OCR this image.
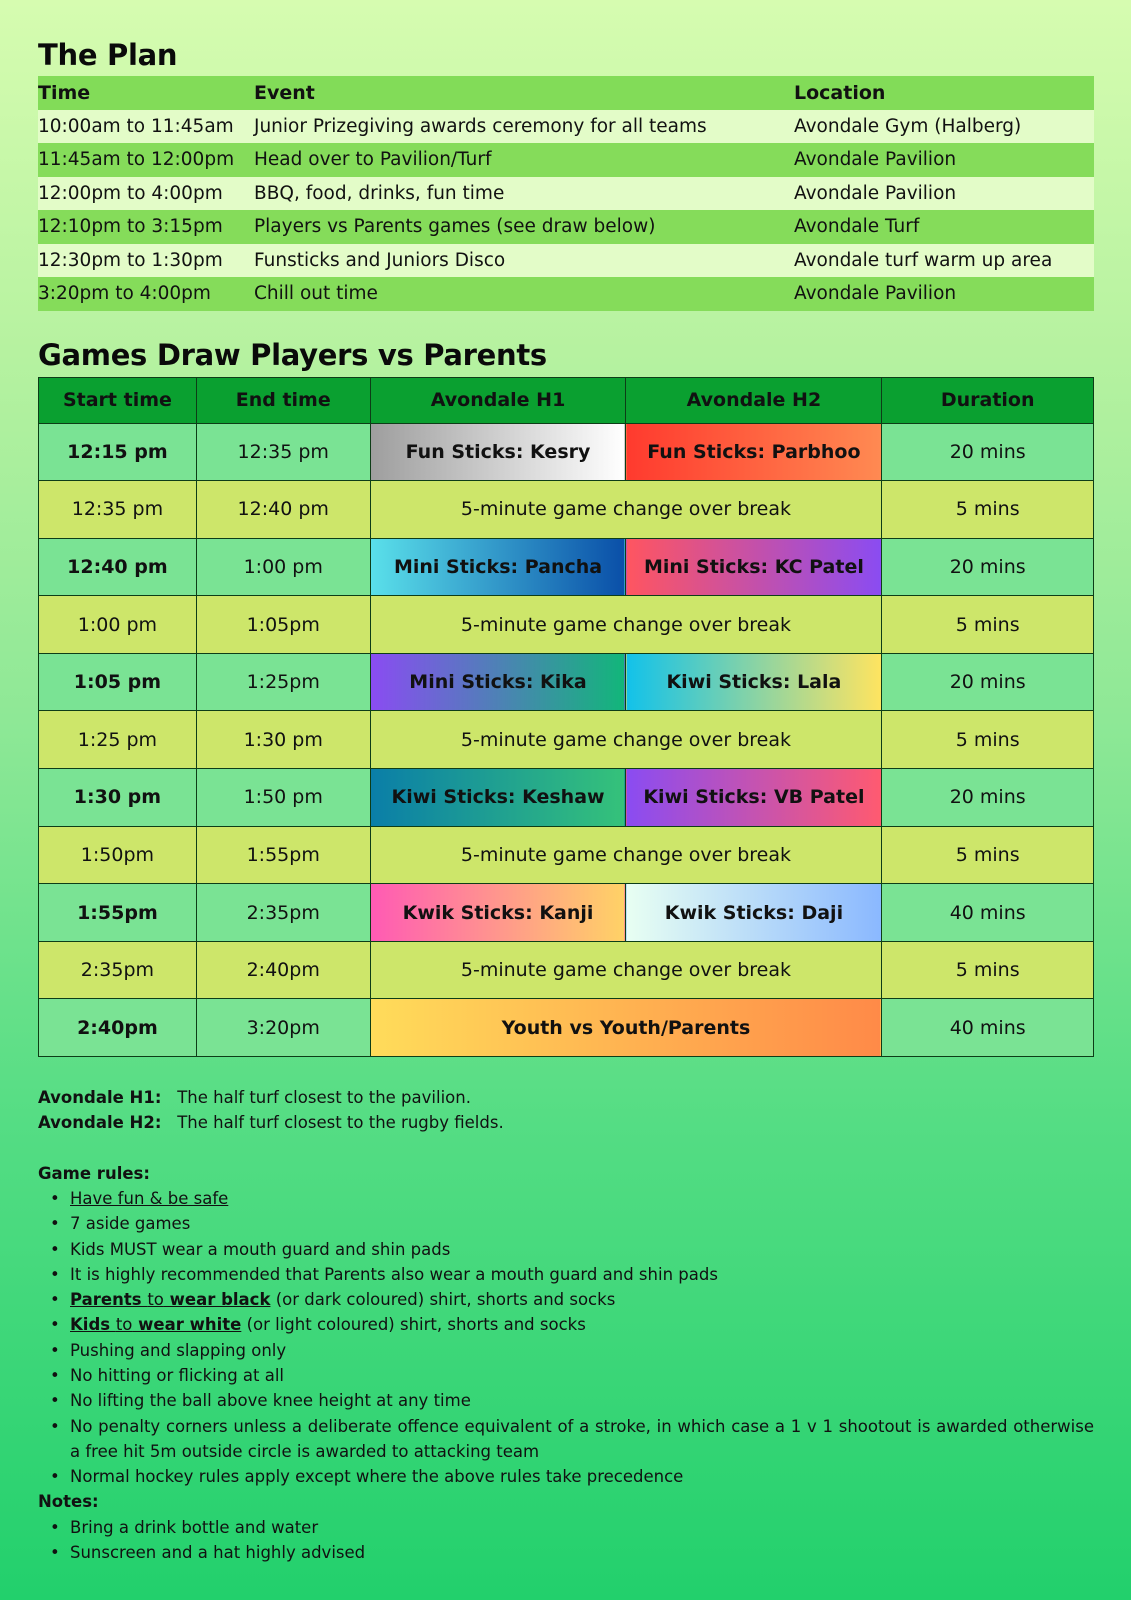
The Plan
Time	Event	Location
10:00am to 11:45am	Junior Prizegiving awards ceremony for all teams	Avondale Gym (Halberg)
11:45am to 12:00pm	Head over to Pavilion/Turf	Avondale Pavilion
12:00pm to 4:00pm	BBQ, food, drinks, fun time	Avondale Pavilion
12:10pm to 3:15pm	Players vs Parents games (see draw below)	Avondale Turf
12:30pm to 1:30pm	Funsticks and Juniors Disco	Avondale turf warm up area
3:20pm to 4:00pm	Chill out time	Avondale Pavilion
Games Draw Players vs Parents
Start time	End time	Avondale H1	Avondale H2	Duration
12:15 pm	12:35 pm	Fun Sticks: Kesry	Fun Sticks: Parbhoo	20 mins
12:35 pm	12:40 pm	5-minute game change over break		5 mins
12:40 pm	1:00 pm	Mini Sticks: Pancha	Mini Sticks: KC Patel	20 mins
1:00 pm	1:05pm	5-minute game change over break		5 mins
1:05 pm	1:25pm	Mini Sticks: Kika	Kiwi Sticks: Lala	20 mins
1:25 pm	1:30 pm	5-minute game change over break		5 mins
1:30 pm	1:50 pm	Kiwi Sticks: Keshaw	Kiwi Sticks: VB Patel	20 mins
1:50pm	1:55pm	5-minute game change over break		5 mins
1:55pm	2:35pm	Kwik Sticks: Kanji	Kwik Sticks: Daji	40 mins
2:35pm	2:40pm	5-minute game change over break		5 mins
2:40pm	3:20pm	Youth vs Youth/Parents		40 mins
Avondale H1: The half turf closest to the pavilion.
Avondale H2: The half turf closest to the rugby fields.
Game rules:
• Have fun & be safe
• 7 aside games
• Kids MUST wear a mouth guard and shin pads
• It is highly recommended that Parents also wear a mouth guard and shin pads
• Parents to wear black (or dark coloured) shirt, shorts and socks
• Kids to wear white (or light coloured) shirt, shorts and socks
• Pushing and slapping only
• No hitting or flicking at all
• No lifting the ball above knee height at any time
• No penalty corners unless a deliberate offence equivalent of a stroke, in which case a 1 v 1 shootout is awarded otherwise a free hit 5m outside circle is awarded to attacking team
• Normal hockey rules apply except where the above rules take precedence
Notes:
• Bring a drink bottle and water
• Sunscreen and a hat highly advised
